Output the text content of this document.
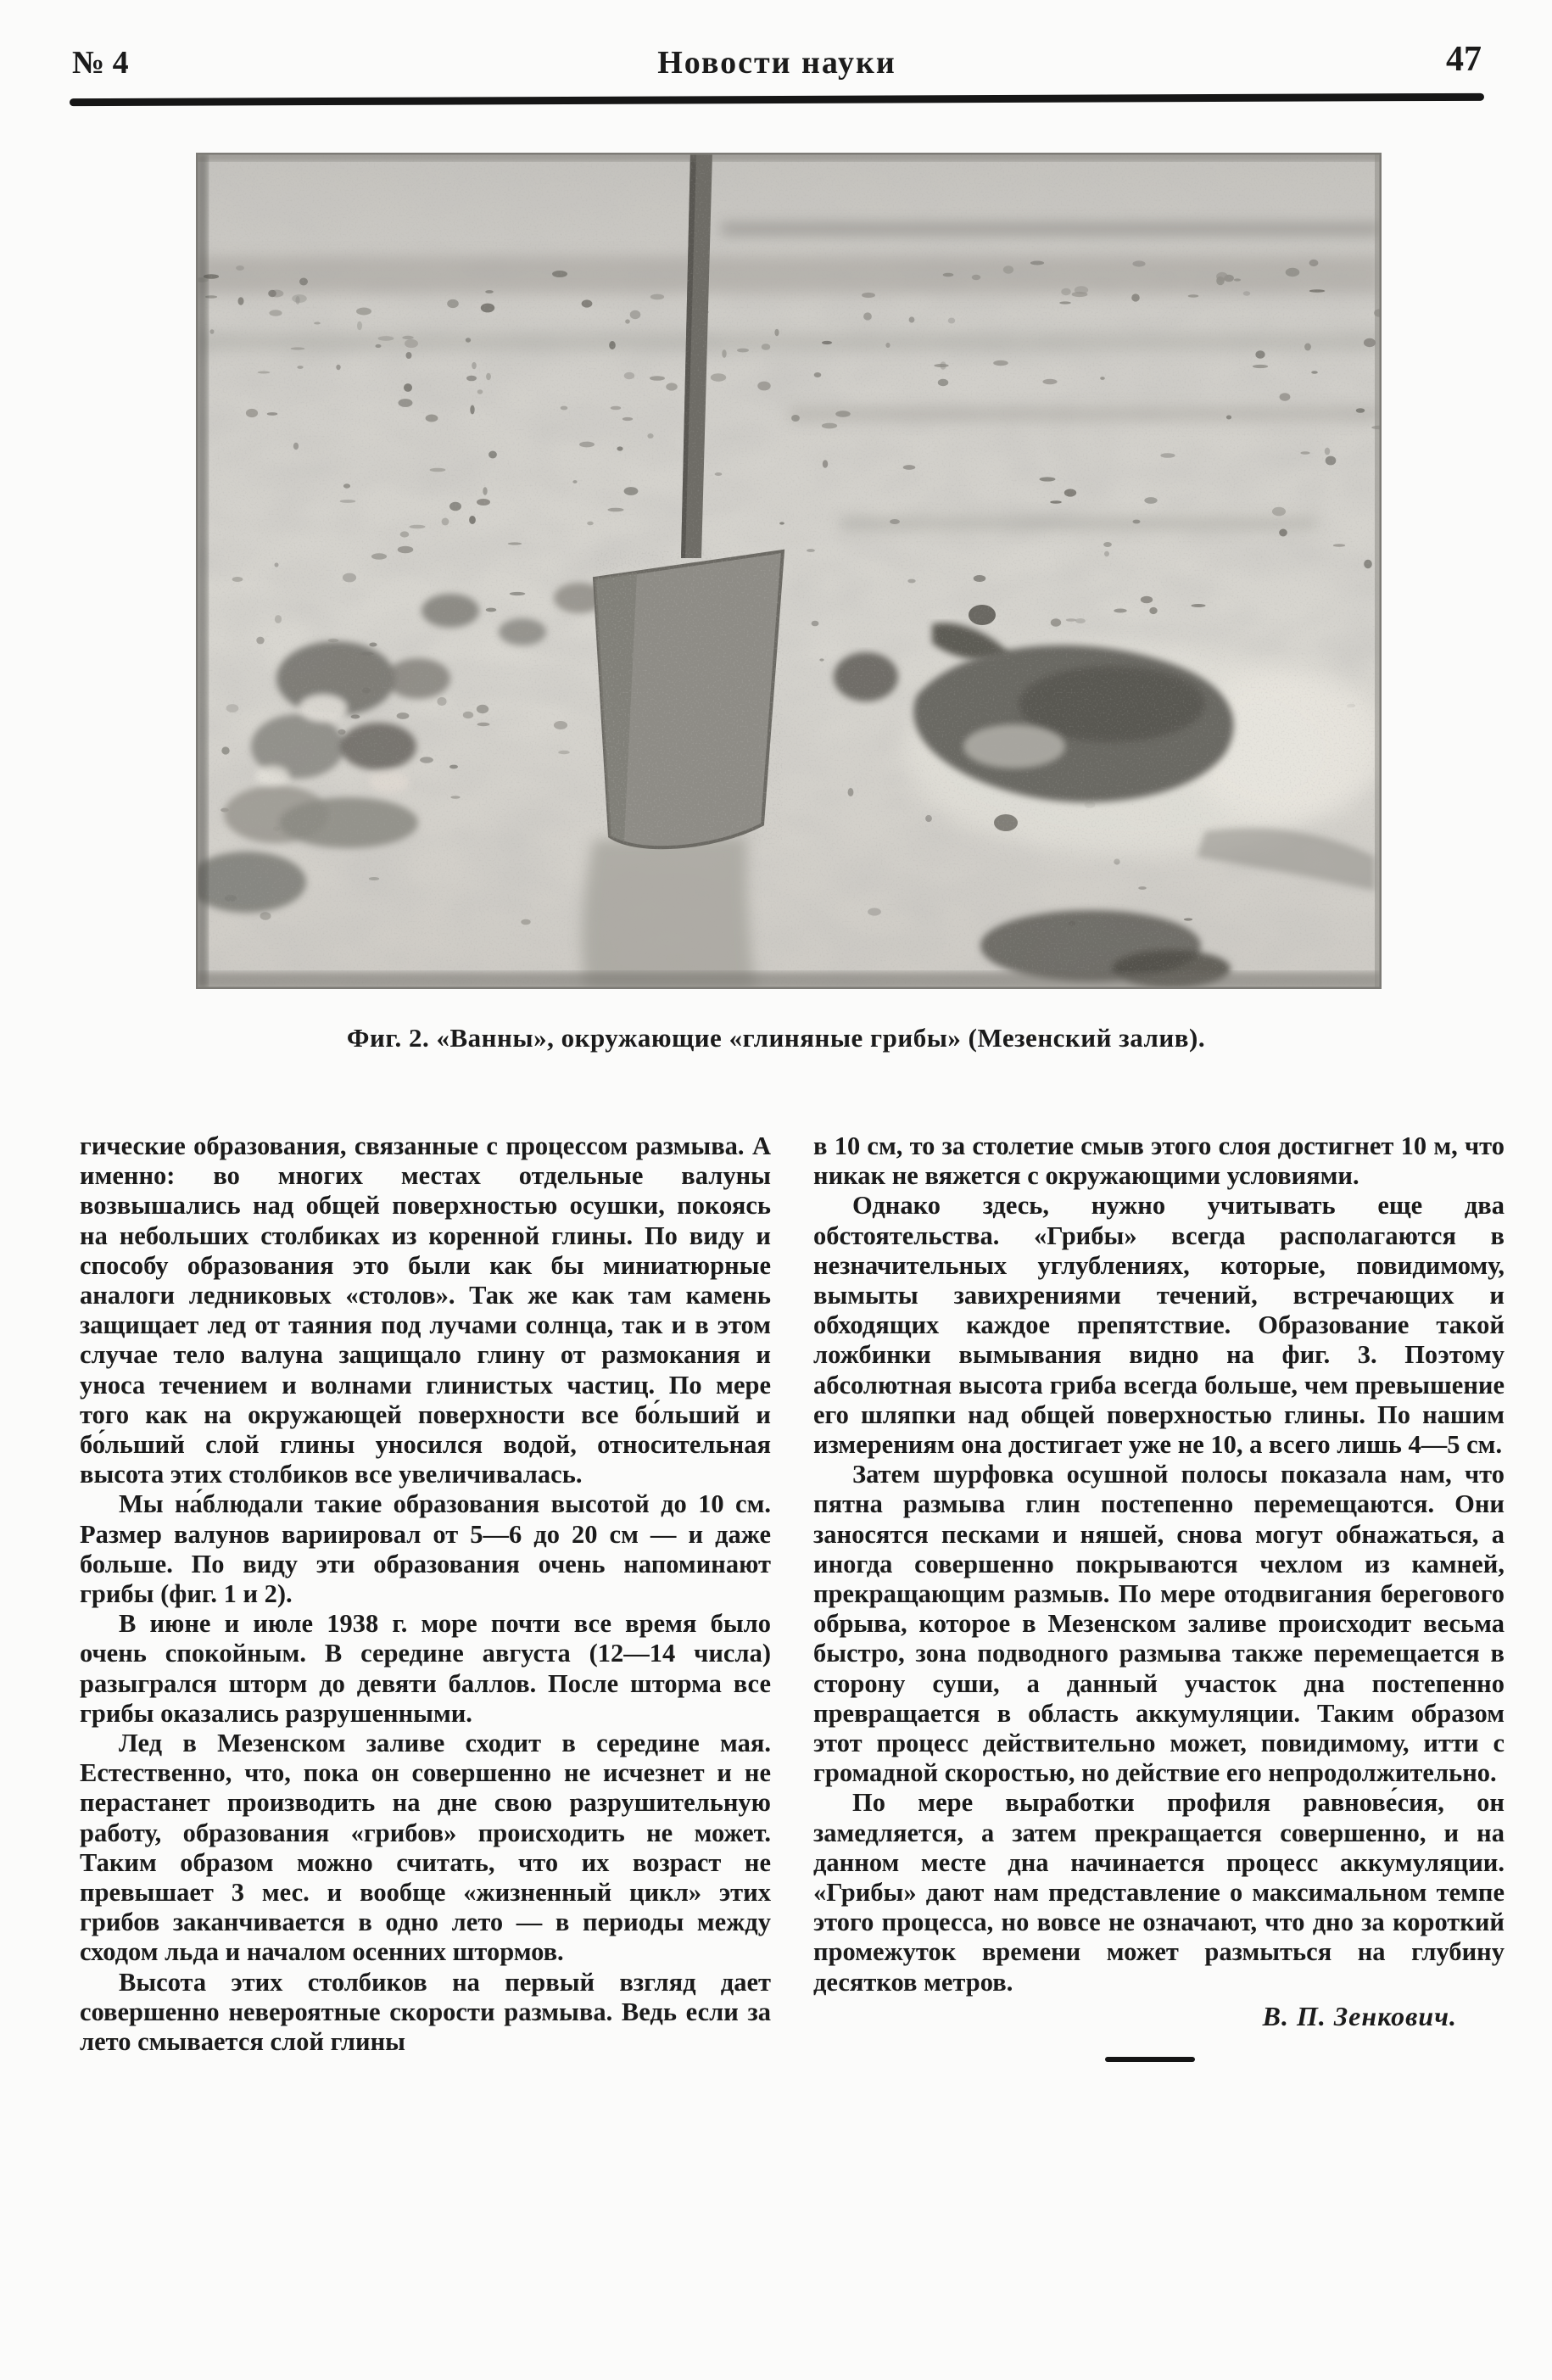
№ 4	Новости науки	47
Фиг. 2. «Ванны», окружающие «глиняные грибы» (Мезенский залив).

гические образования, связанные с процессом размыва. А именно: во многих местах отдельные валуны возвышались над общей поверхностью осушки, покоясь на небольших столбиках из коренной глины. По виду и способу образования это были как бы миниатюрные аналоги ледниковых «столов». Так же как там камень защищает лед от таяния под лучами солнца, так и в этом случае тело валуна защищало глину от размокания и уноса течением и волнами глинистых частиц. По мере того как на окружающей поверхности все бо́льший и бо́льший слой глины уносился водой, относительная высота этих столбиков все увеличивалась.

Мы на́блюдали такие образования высотой до 10 см. Размер валунов вариировал от 5—6 до 20 см — и даже больше. По виду эти образования очень напоминают грибы (фиг. 1 и 2).

В июне и июле 1938 г. море почти все время было очень спокойным. В середине августа (12—14 числа) разыгрался шторм до девяти баллов. После шторма все грибы оказались разрушенными.

Лед в Мезенском заливе сходит в середине мая. Естественно, что, пока он совершенно не исчезнет и не перастанет производить на дне свою разрушительную работу, образования «грибов» происходить не может. Таким образом можно считать, что их возраст не превышает 3 мес. и вообще «жизненный цикл» этих грибов заканчивается в одно лето — в периоды между сходом льда и началом осенних штормов.

Высота этих столбиков на первый взгляд дает совершенно невероятные скорости размыва. Ведь если за лето смывается слой глины

в 10 см, то за столетие смыв этого слоя достигнет 10 м, что никак не вяжется с окружающими условиями.

Однако здесь, нужно учитывать еще два обстоятельства. «Грибы» всегда располагаются в незначительных углублениях, которые, повидимому, вымыты завихрениями течений, встречающих и обходящих каждое препятствие. Образование такой ложбинки вымывания видно на фиг. 3. Поэтому абсолютная высота гриба всегда больше, чем превышение его шляпки над общей поверхностью глины. По нашим измерениям она достигает уже не 10, а всего лишь 4—5 см.

Затем шурфовка осушной полосы показала нам, что пятна размыва глин постепенно перемещаются. Они заносятся песками и няшей, снова могут обнажаться, а иногда совершенно покрываются чехлом из камней, прекращающим размыв. По мере отодвигания берегового обрыва, которое в Мезенском заливе происходит весьма быстро, зона подводного размыва также перемещается в сторону суши, а данный участок дна постепенно превращается в область аккумуляции. Таким образом этот процесс действительно может, повидимому, итти с громадной скоростью, но действие его непродолжительно.

По мере выработки профиля равнове́сия, он замедляется, а затем прекращается совершенно, и на данном месте дна начинается процесс аккумуляции. «Грибы» дают нам представление о максимальном темпе этого процесса, но вовсе не означают, что дно за короткий промежуток времени может размыться на глубину десятков метров.

В. П. Зенкович.
